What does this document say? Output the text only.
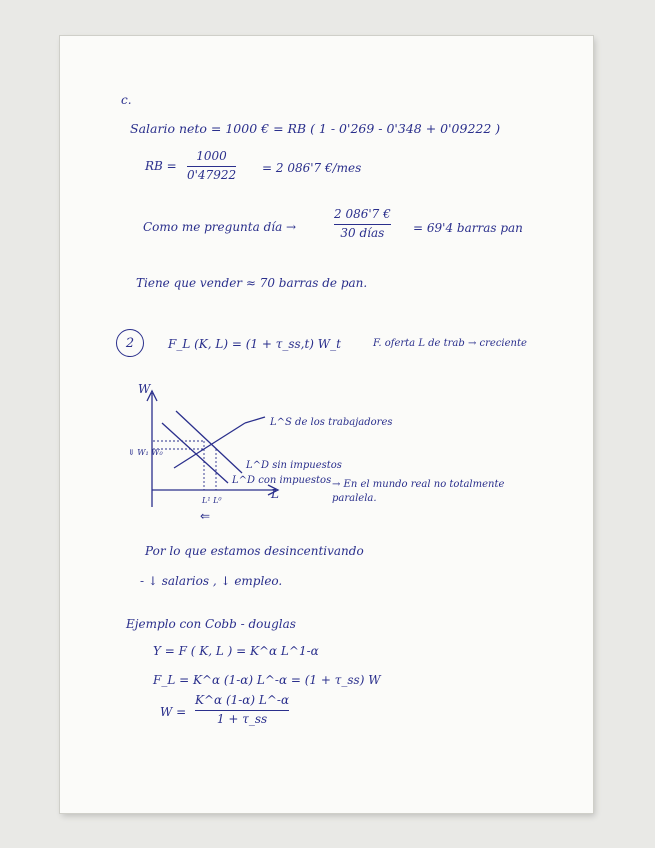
c.
Salario neto = 1000 € = RB ( 1 - 0'269 - 0'348 + 0'09222 )
RB =
1000
0'47922 = 2 086'7 €/mes
Como me pregunta día →
2 086'7 €
30 días = 69'4 barras pan
Tiene que vender ≈ 70 barras de pan.
2	F_L (K, L) = (1 + τ_ss,t) W_t	F. oferta L de trab → creciente
W
⇓ W₁ W₀
L¹ L⁰
⇐
L^S de los trabajadores
L^D sin impuestos
L^D con impuestos → En el mundo real no totalmente paralela.
L
Por lo que estamos desincentivando
- ↓ salarios , ↓ empleo.
Ejemplo con Cobb - douglas
Y = F ( K, L ) = K^α L^1-α
F_L = K^α (1-α) L^-α = (1 + τ_ss) W
W =
K^α (1-α) L^-α
1 + τ_ss
